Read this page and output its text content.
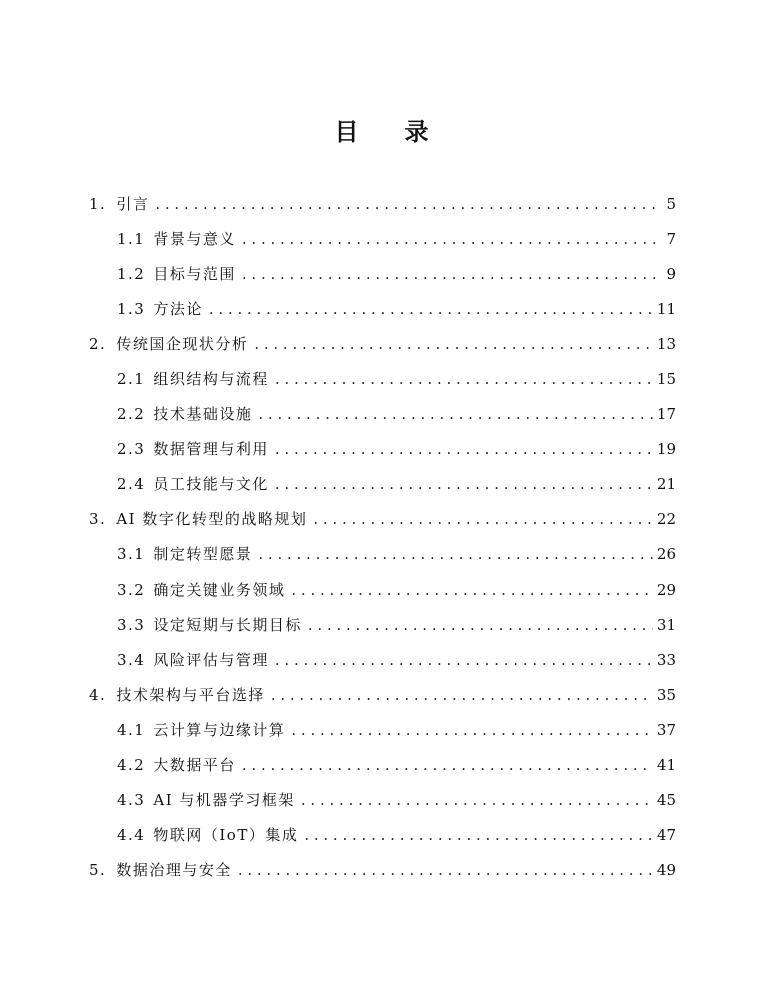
目 录
1. 引言 . . .	5
1.1 背景与意义 . . .	7
1.2 目标与范围 . . .	9
1.3 方法论 . . .	11
2. 传统国企现状分析 . . .	13
2.1 组织结构与流程 . . .	15
2.2 技术基础设施 . . .	17
2.3 数据管理与利用 . . .	19
2.4 员工技能与文化 . . .	21
3. AI 数字化转型的战略规划 . . .	22
3.1 制定转型愿景 . . .	26
3.2 确定关键业务领域 . . .	29
3.3 设定短期与长期目标 . . .	31
3.4 风险评估与管理 . . .	33
4. 技术架构与平台选择 . . .	35
4.1 云计算与边缘计算 . . .	37
4.2 大数据平台 . . .	41
4.3 AI 与机器学习框架 . . .	45
4.4 物联网（IoT）集成 . . .	47
5. 数据治理与安全 . . .	49
